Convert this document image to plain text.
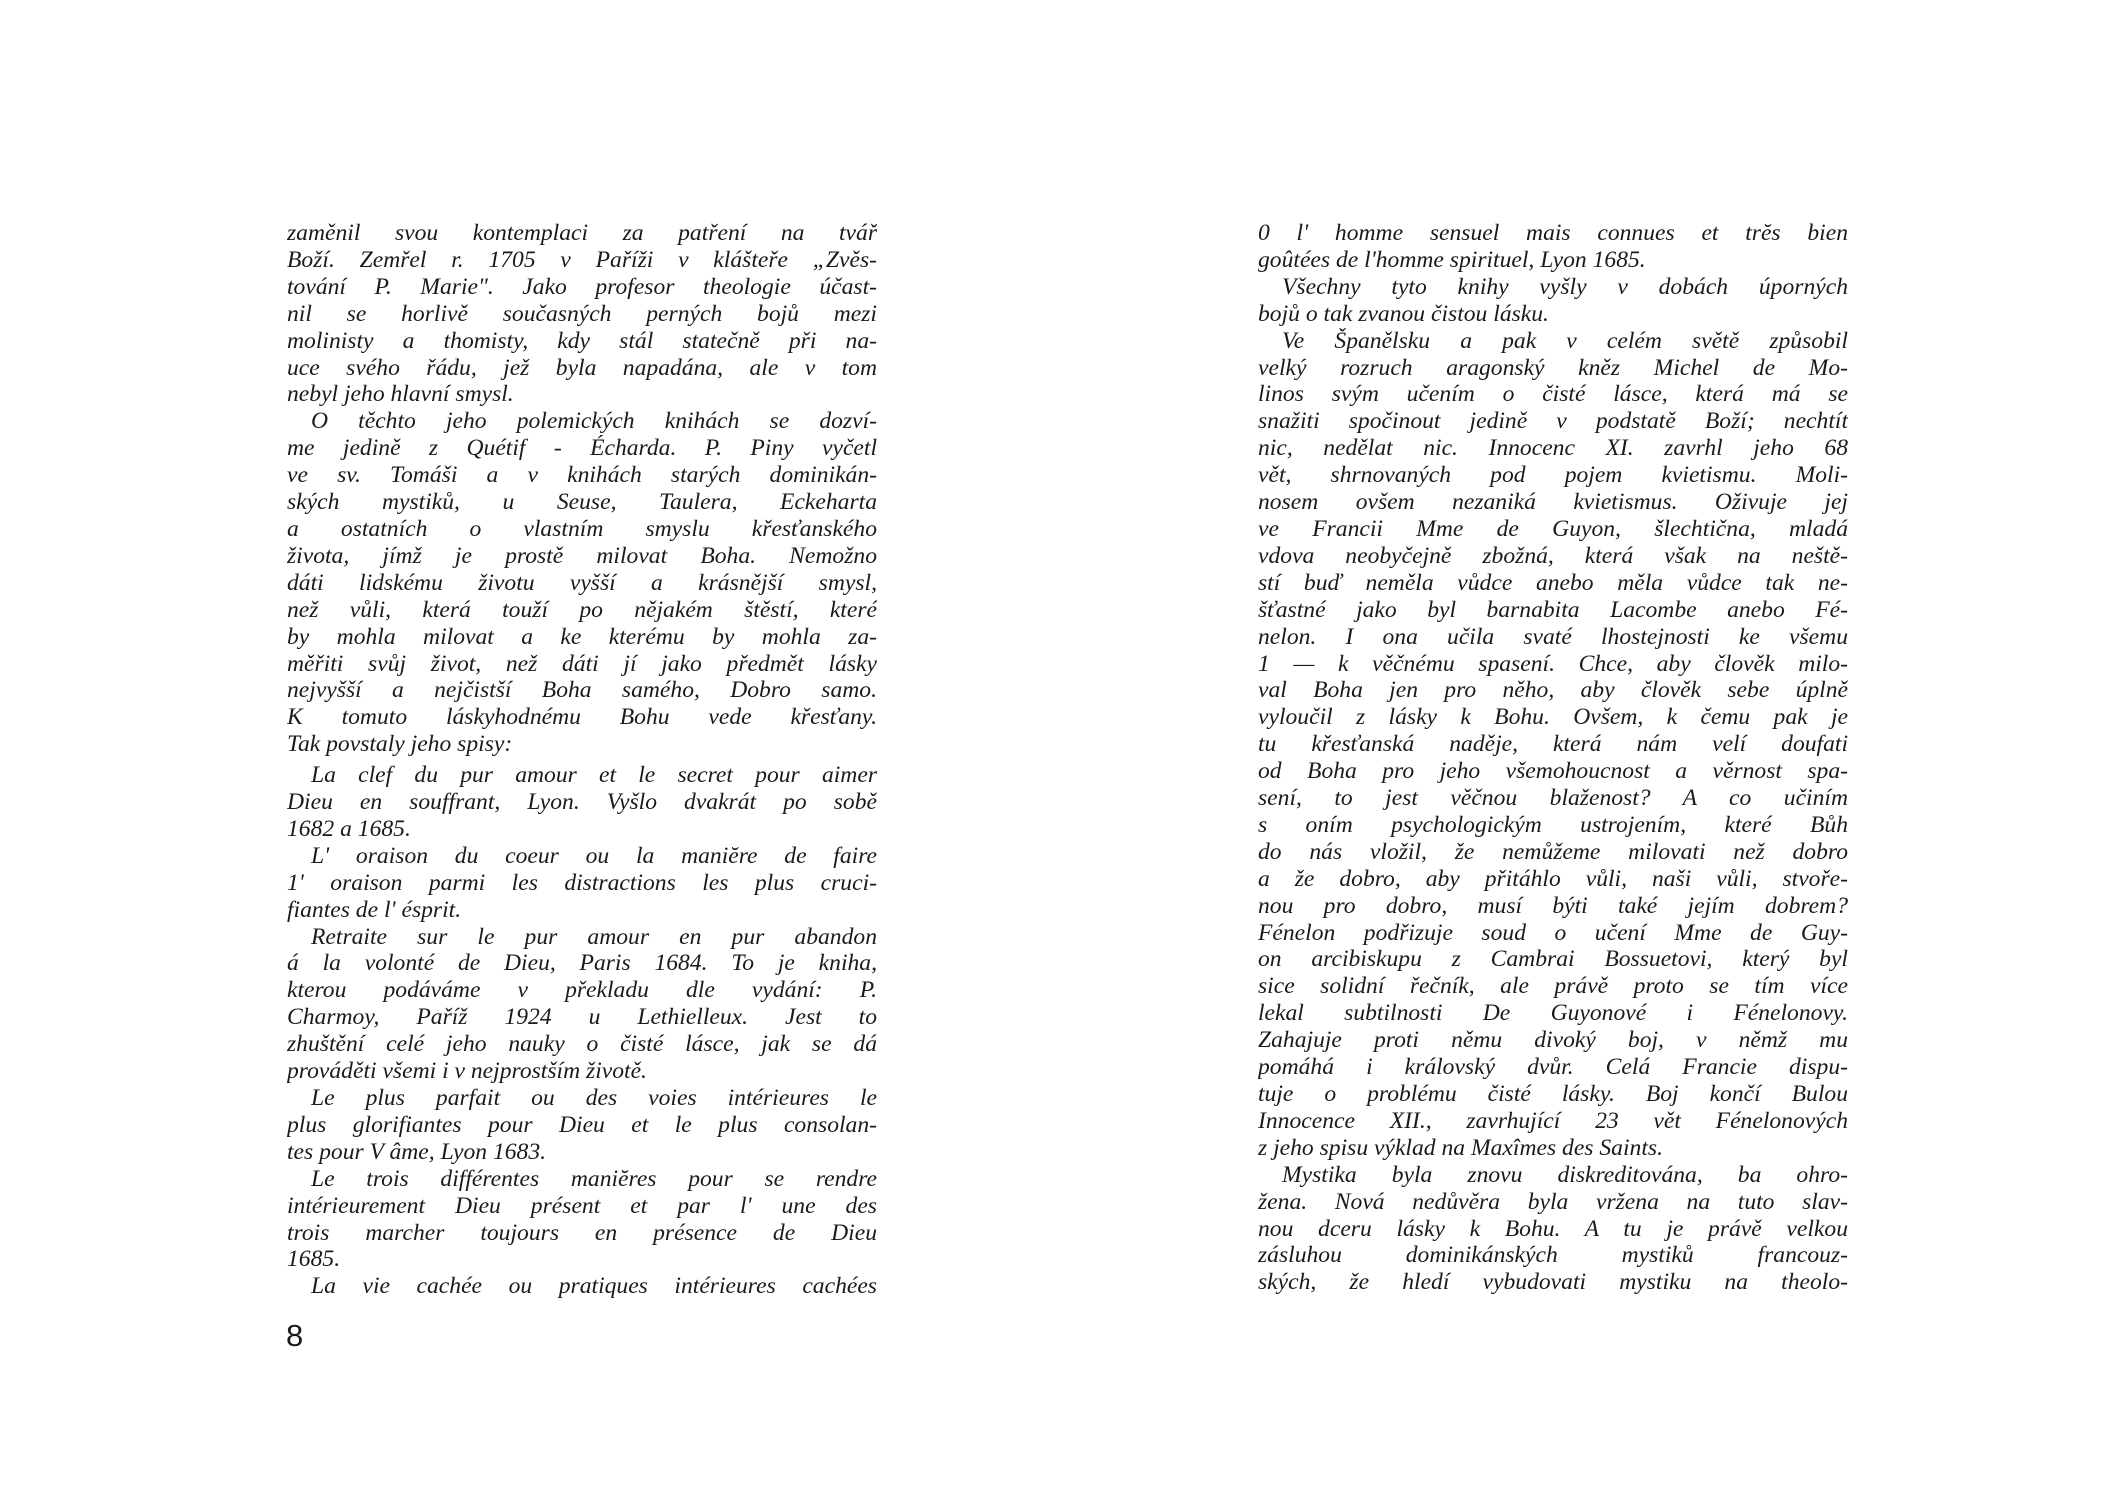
zaměnil svou kontemplaci za patření na tvář
Boží. Zemřel r. 1705 v Paříži v klášteře „Zvěs-
tování P. Marie". Jako profesor theologie účast-
nil se horlivě současných perných bojů mezi
molinisty a thomisty, kdy stál statečně při na-
uce svého řádu, jež byla napadána, ale v tom
nebyl jeho hlavní smysl.
O těchto jeho polemických knihách se dozví-
me jedině z Quétif - Écharda. P. Piny vyčetl
ve sv. Tomáši a v knihách starých dominikán-
ských mystiků, u Seuse, Taulera, Eckeharta
a ostatních o vlastním smyslu křesťanského
života, jímž je prostě milovat Boha. Nemožno
dáti lidskému životu vyšší a krásnější smysl,
než vůli, která touží po nějakém štěstí, které
by mohla milovat a ke kterému by mohla za-
měřiti svůj život, než dáti jí jako předmět lásky
nejvyšší a nejčistší Boha samého, Dobro samo.
K tomuto láskyhodnému Bohu vede křesťany.
Tak povstaly jeho spisy:
La clef du pur amour et le secret pour aimer
Dieu en souffrant, Lyon. Vyšlo dvakrát po sobě
1682 a 1685.
L' oraison du coeur ou la maniĕre de faire
1' oraison parmi les distractions les plus cruci-
fiantes de l' ésprit.
Retraite sur le pur amour en pur abandon
á la volonté de Dieu, Paris 1684. To je kniha,
kterou podáváme v překladu dle vydání: P.
Charmoy, Paříž 1924 u Lethielleux. Jest to
zhuštění celé jeho nauky o čisté lásce, jak se dá
prováděti všemi i v nejprostším životě.
Le plus parfait ou des voies intérieures le
plus glorifiantes pour Dieu et le plus consolan-
tes pour V âme, Lyon 1683.
Le trois différentes maniĕres pour se rendre
intérieurement Dieu présent et par l' une des
trois marcher toujours en présence de Dieu
1685.
La vie cachée ou pratiques intérieures cachées
8
0 l' homme sensuel mais connues et trĕs bien
goûtées de l'homme spirituel, Lyon 1685.
Všechny tyto knihy vyšly v dobách úporných
bojů o tak zvanou čistou lásku.
Ve Španělsku a pak v celém světě způsobil
velký rozruch aragonský kněz Michel de Mo-
linos svým učením o čisté lásce, která má se
snažiti spočinout jedině v podstatě Boží; nechtít
nic, nedělat nic. Innocenc XI. zavrhl jeho 68
vět, shrnovaných pod pojem kvietismu. Moli-
nosem ovšem nezaniká kvietismus. Oživuje jej
ve Francii Mme de Guyon, šlechtična, mladá
vdova neobyčejně zbožná, která však na neště-
stí buď neměla vůdce anebo měla vůdce tak ne-
šťastné jako byl barnabita Lacombe anebo Fé-
nelon. I ona učila svaté lhostejnosti ke všemu
1 — k věčnému spasení. Chce, aby člověk milo-
val Boha jen pro něho, aby člověk sebe úplně
vyloučil z lásky k Bohu. Ovšem, k čemu pak je
tu křesťanská naděje, která nám velí doufati
od Boha pro jeho všemohoucnost a věrnost spa-
sení, to jest věčnou blaženost? A co učiním
s oním psychologickým ustrojením, které Bůh
do nás vložil, že nemůžeme milovati než dobro
a že dobro, aby přitáhlo vůli, naši vůli, stvoře-
nou pro dobro, musí býti také jejím dobrem?
Fénelon podřizuje soud o učení Mme de Guy-
on arcibiskupu z Cambrai Bossuetovi, který byl
sice solidní řečník, ale právě proto se tím více
lekal subtilnosti De Guyonové i Fénelonovy.
Zahajuje proti němu divoký boj, v němž mu
pomáhá i královský dvůr. Celá Francie dispu-
tuje o problému čisté lásky. Boj končí Bulou
Innocence XII., zavrhující 23 vět Fénelonových
z jeho spisu výklad na Maxîmes des Saints.
Mystika byla znovu diskreditována, ba ohro-
žena. Nová nedůvěra byla vržena na tuto slav-
nou dceru lásky k Bohu. A tu je právě velkou
zásluhou dominikánských mystiků francouz-
ských, že hledí vybudovati mystiku na theolo-
